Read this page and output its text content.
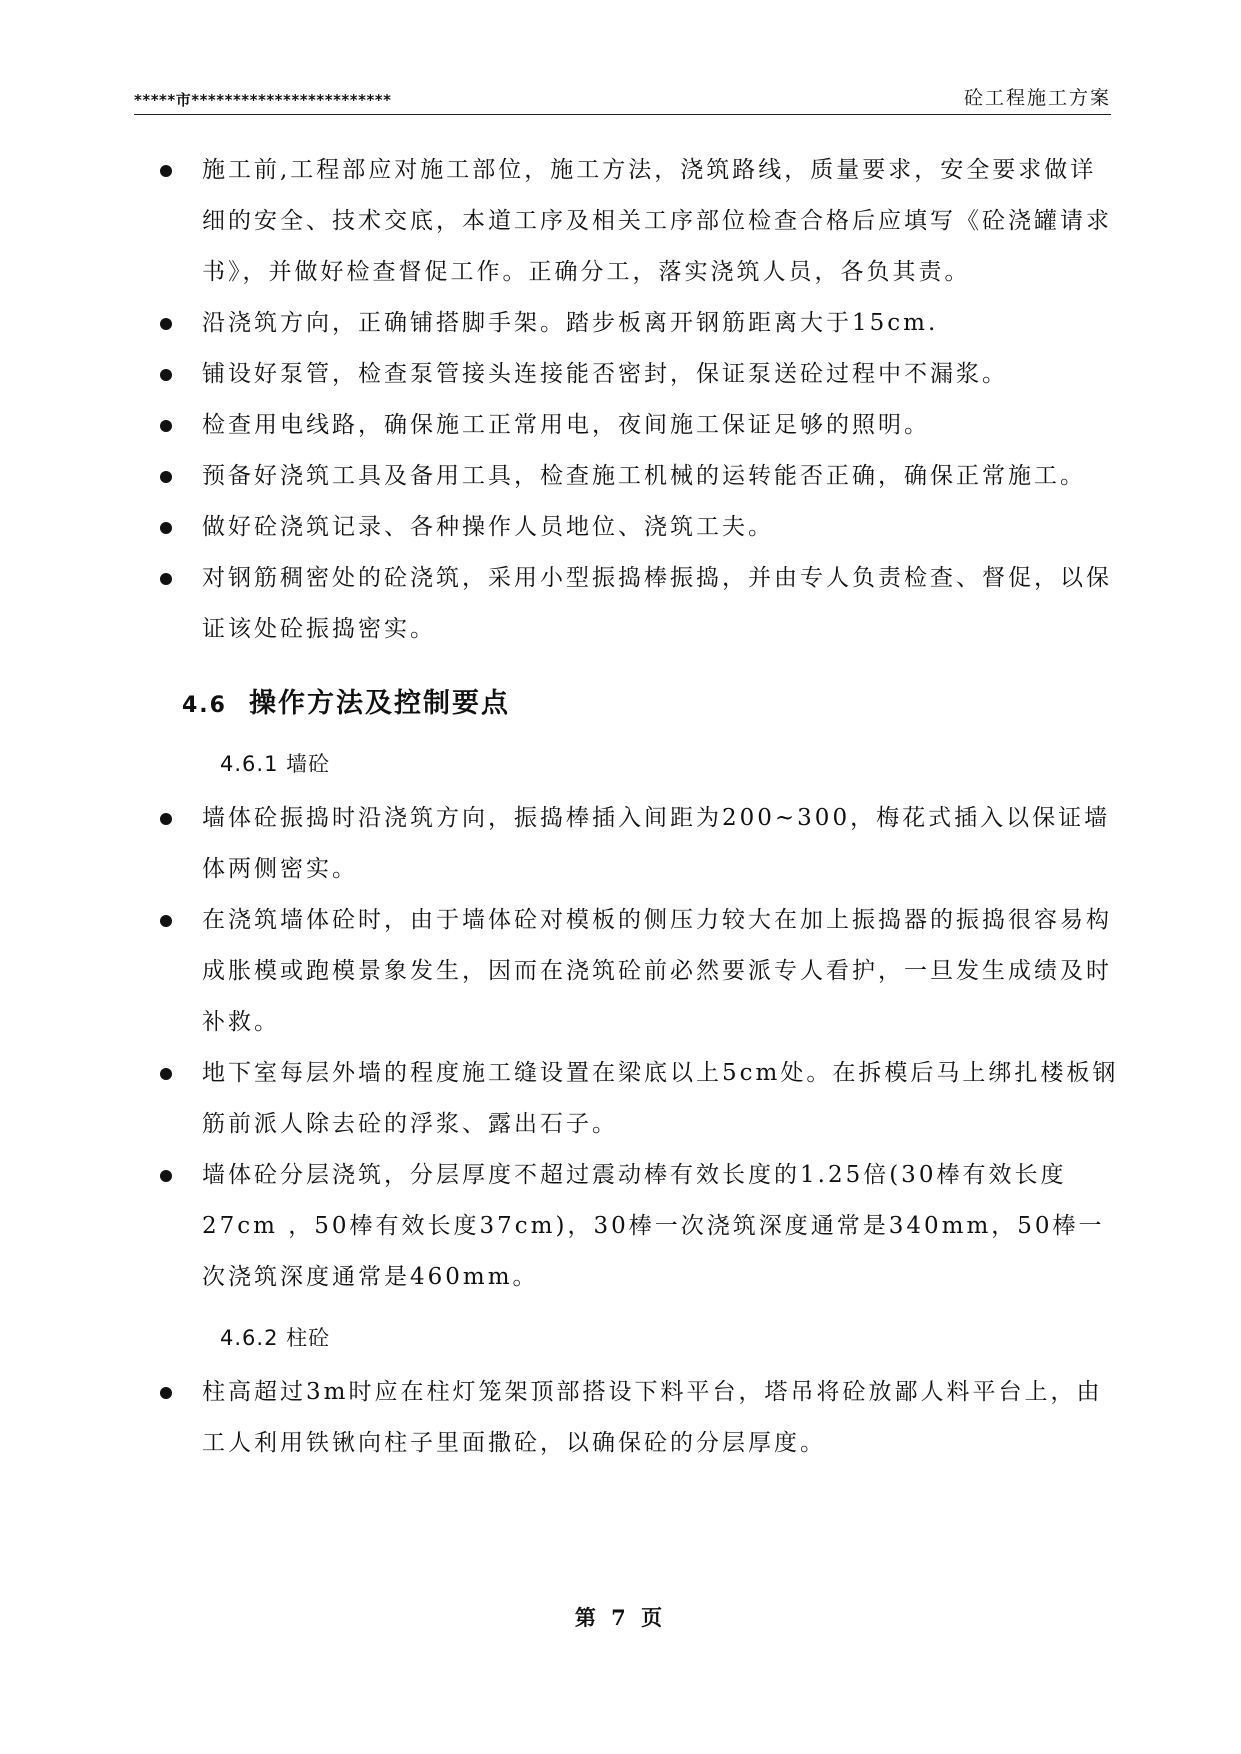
*****市************************	砼工程施工方案
施工前,工程部应对施工部位，施工方法，浇筑路线，质量要求，安全要求做详细的安全、技术交底，本道工序及相关工序部位检查合格后应填写《砼浇罐请求书》，并做好检查督促工作。正确分工，落实浇筑人员，各负其责。
沿浇筑方向，正确铺搭脚手架。踏步板离开钢筋距离大于15cm.
铺设好泵管，检查泵管接头连接能否密封，保证泵送砼过程中不漏浆。
检查用电线路，确保施工正常用电，夜间施工保证足够的照明。
预备好浇筑工具及备用工具，检查施工机械的运转能否正确，确保正常施工。
做好砼浇筑记录、各种操作人员地位、浇筑工夫。
对钢筋稠密处的砼浇筑，采用小型振捣棒振捣，并由专人负责检查、督促，以保证该处砼振捣密实。
4.6 操作方法及控制要点
4.6.1 墙砼
墙体砼振捣时沿浇筑方向，振捣棒插入间距为200~300，梅花式插入以保证墙体两侧密实。
在浇筑墙体砼时，由于墙体砼对模板的侧压力较大在加上振捣器的振捣很容易构成胀模或跑模景象发生，因而在浇筑砼前必然要派专人看护，一旦发生成绩及时补救。
地下室每层外墙的程度施工缝设置在梁底以上5cm处。在拆模后马上绑扎楼板钢筋前派人除去砼的浮浆、露出石子。
墙体砼分层浇筑，分层厚度不超过震动棒有效长度的1.25倍(30棒有效长度27cm ，50棒有效长度37cm)，30棒一次浇筑深度通常是340mm，50棒一次浇筑深度通常是460mm。
4.6.2 柱砼
柱高超过3m时应在柱灯笼架顶部搭设下料平台，塔吊将砼放鄙人料平台上，由工人利用铁锹向柱子里面撒砼，以确保砼的分层厚度。
第 7 页
